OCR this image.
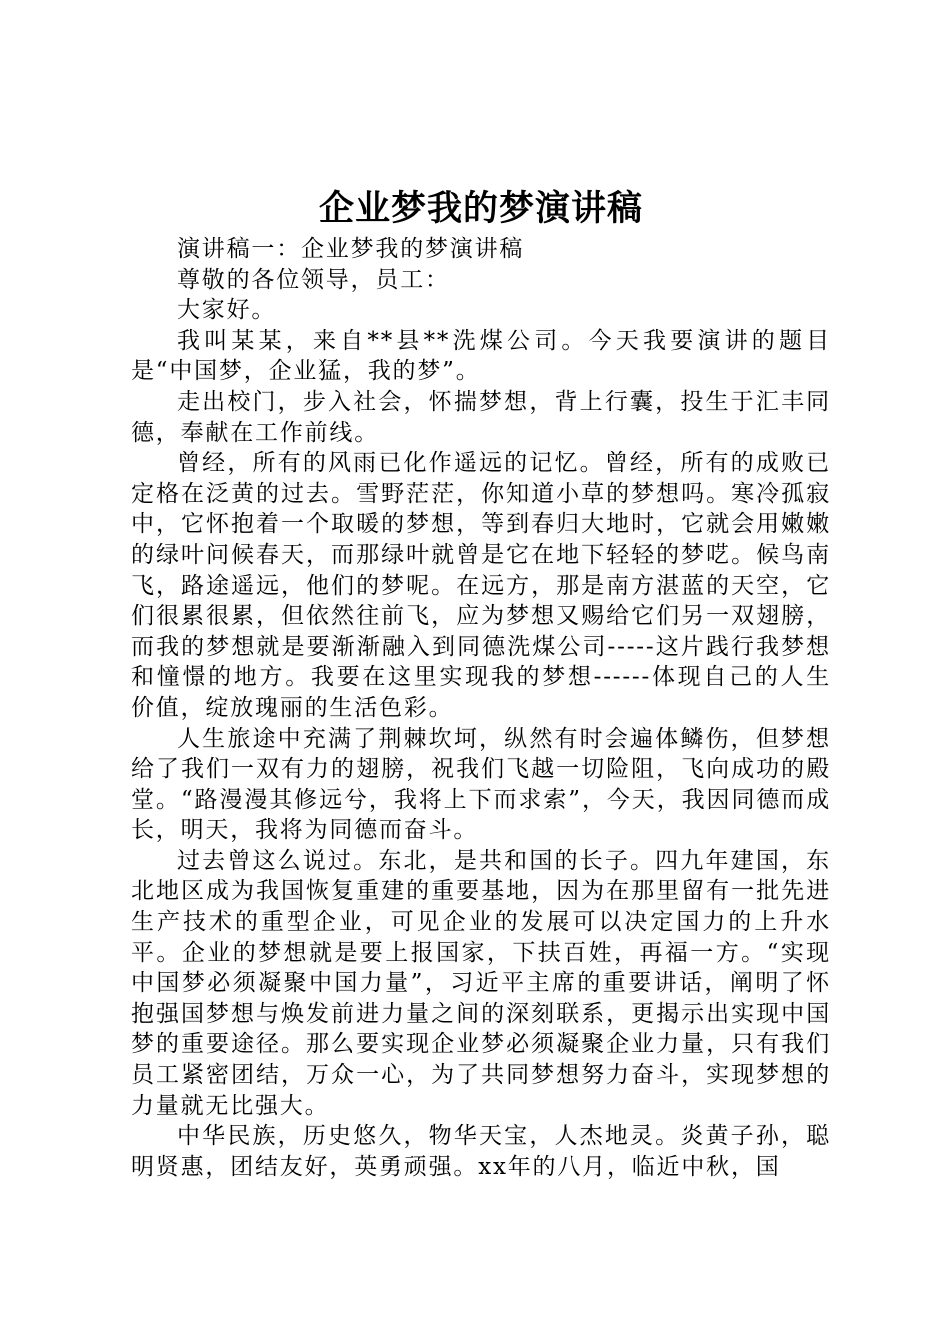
企业梦我的梦演讲稿

演讲稿一：企业梦我的梦演讲稿

尊敬的各位领导，员工：

大家好。

我叫某某，来自**县**洗煤公司。今天我要演讲的题目是“中国梦，企业猛，我的梦”。

走出校门，步入社会，怀揣梦想，背上行囊，投生于汇丰同德，奉献在工作前线。

曾经，所有的风雨已化作遥远的记忆。曾经，所有的成败已定格在泛黄的过去。雪野茫茫，你知道小草的梦想吗。寒冷孤寂中，它怀抱着一个取暖的梦想，等到春归大地时，它就会用嫩嫩的绿叶问候春天，而那绿叶就曾是它在地下轻轻的梦呓。候鸟南飞，路途遥远，他们的梦呢。在远方，那是南方湛蓝的天空，它们很累很累，但依然往前飞，应为梦想又赐给它们另一双翅膀，而我的梦想就是要渐渐融入到同德洗煤公司-----这片践行我梦想和憧憬的地方。我要在这里实现我的梦想------体现自己的人生价值，绽放瑰丽的生活色彩。

人生旅途中充满了荆棘坎坷，纵然有时会遍体鳞伤，但梦想给了我们一双有力的翅膀，祝我们飞越一切险阻，飞向成功的殿堂。“路漫漫其修远兮，我将上下而求索”，今天，我因同德而成长，明天，我将为同德而奋斗。

过去曾这么说过。东北，是共和国的长子。四九年建国，东北地区成为我国恢复重建的重要基地，因为在那里留有一批先进生产技术的重型企业，可见企业的发展可以决定国力的上升水平。企业的梦想就是要上报国家，下扶百姓，再福一方。“实现中国梦必须凝聚中国力量”，习近平主席的重要讲话，阐明了怀抱强国梦想与焕发前进力量之间的深刻联系，更揭示出实现中国梦的重要途径。那么要实现企业梦必须凝聚企业力量，只有我们员工紧密团结，万众一心，为了共同梦想努力奋斗，实现梦想的力量就无比强大。

中华民族，历史悠久，物华天宝，人杰地灵。炎黄子孙，聪明贤惠，团结友好，英勇顽强。xx年的八月，临近中秋，国
